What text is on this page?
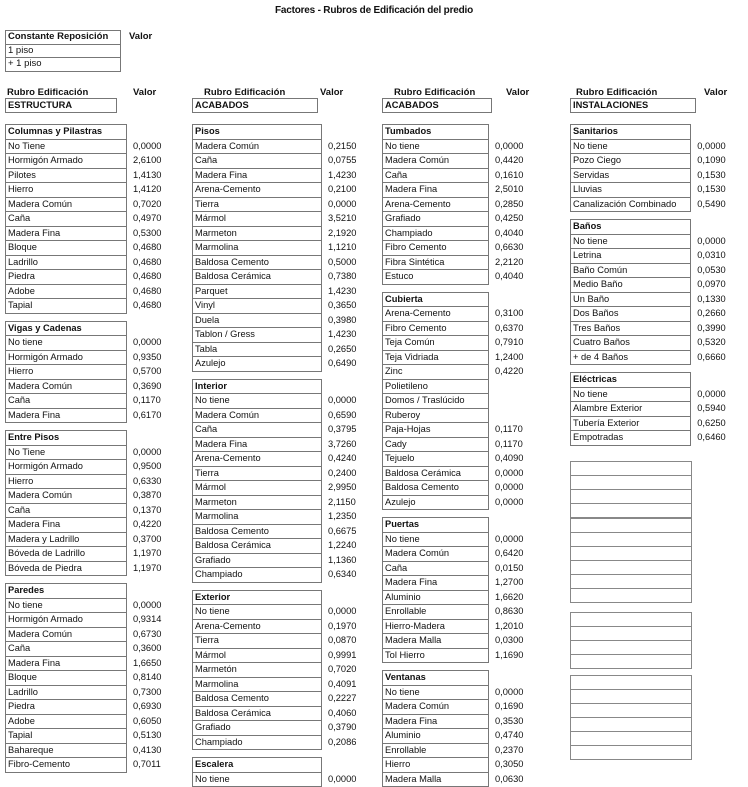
Factores - Rubros de Edificación del predio
Constante Reposición	Valor
1 piso	
+ 1 piso	
Rubro Edificación	Valor	Rubro Edificación	Valor	Rubro Edificación	Valor	Rubro Edificación	Valor
ESTRUCTURA	ACABADOS	ACABADOS	INSTALACIONES
Columnas y Pilastras	
No Tiene	0,0000
Hormigón Armado	2,6100
Pilotes	1,4130
Hierro	1,4120
Madera Común	0,7020
Caña	0,4970
Madera Fina	0,5300
Bloque	0,4680
Ladrillo	0,4680
Piedra	0,4680
Adobe	0,4680
Tapial	0,4680

Vigas y Cadenas	
No tiene	0,0000
Hormigón Armado	0,9350
Hierro	0,5700
Madera Común	0,3690
Caña	0,1170
Madera Fina	0,6170

Entre Pisos	
No Tiene	0,0000
Hormigón Armado	0,9500
Hierro	0,6330
Madera Común	0,3870
Caña	0,1370
Madera Fina	0,4220
Madera y Ladrillo	0,3700
Bóveda de Ladrillo	1,1970
Bóveda de Piedra	1,1970

Paredes	
No tiene	0,0000
Hormigón Armado	0,9314
Madera Común	0,6730
Caña	0,3600
Madera Fina	1,6650
Bloque	0,8140
Ladrillo	0,7300
Piedra	0,6930
Adobe	0,6050
Tapial	0,5130
Bahareque	0,4130
Fibro-Cemento	0,7011
Pisos	
Madera Común	0,2150
Caña	0,0755
Madera Fina	1,4230
Arena-Cemento	0,2100
Tierra	0,0000
Mármol	3,5210
Marmeton	2,1920
Marmolina	1,1210
Baldosa Cemento	0,5000
Baldosa Cerámica	0,7380
Parquet	1,4230
Vinyl	0,3650
Duela	0,3980
Tablon / Gress	1,4230
Tabla	0,2650
Azulejo	0,6490

Interior	
No tiene	0,0000
Madera Común	0,6590
Caña	0,3795
Madera Fina	3,7260
Arena-Cemento	0,4240
Tierra	0,2400
Mármol	2,9950
Marmeton	2,1150
Marmolina	1,2350
Baldosa Cemento	0,6675
Baldosa Cerámica	1,2240
Grafiado	1,1360
Champiado	0,6340

Exterior	
No tiene	0,0000
Arena-Cemento	0,1970
Tierra	0,0870
Mármol	0,9991
Marmetón	0,7020
Marmolina	0,4091
Baldosa Cemento	0,2227
Baldosa Cerámica	0,4060
Grafiado	0,3790
Champiado	0,2086

Escalera	
No tiene	0,0000
Tumbados	
No tiene	0,0000
Madera Común	0,4420
Caña	0,1610
Madera Fina	2,5010
Arena-Cemento	0,2850
Grafiado	0,4250
Champiado	0,4040
Fibro Cemento	0,6630
Fibra Sintética	2,2120
Estuco	0,4040

Cubierta	
Arena-Cemento	0,3100
Fibro Cemento	0,6370
Teja Común	0,7910
Teja Vidriada	1,2400
Zinc	0,4220
Polietileno	
Domos / Traslúcido	
Ruberoy	
Paja-Hojas	0,1170
Cady	0,1170
Tejuelo	0,4090
Baldosa Cerámica	0,0000
Baldosa Cemento	0,0000
Azulejo	0,0000

Puertas	
No tiene	0,0000
Madera Común	0,6420
Caña	0,0150
Madera Fina	1,2700
Aluminio	1,6620
Enrollable	0,8630
Hierro-Madera	1,2010
Madera Malla	0,0300
Tol Hierro	1,1690

Ventanas	
No tiene	0,0000
Madera Común	0,1690
Madera Fina	0,3530
Aluminio	0,4740
Enrollable	0,2370
Hierro	0,3050
Madera Malla	0,0630
Sanitarios	
No tiene	0,0000
Pozo Ciego	0,1090
Servidas	0,1530
Lluvias	0,1530
Canalización Combinado	0,5490

Baños	
No tiene	0,0000
Letrina	0,0310
Baño Común	0,0530
Medio Baño	0,0970
Un Baño	0,1330
Dos Baños	0,2660
Tres Baños	0,3990
Cuatro Baños	0,5320
+ de 4 Baños	0,6660

Eléctricas	
No tiene	0,0000
Alambre Exterior	0,5940
Tubería Exterior	0,6250
Empotradas	0,6460
